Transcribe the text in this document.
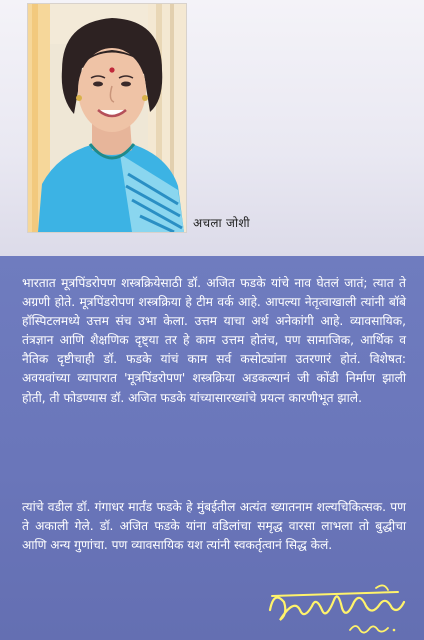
अचला जोशी

भारतात मूत्रपिंडरोपण शस्त्रक्रियेसाठी डॉ. अजित फडके यांचे नाव घेतलं जातं; त्यात ते अग्रणी होते. मूत्रपिंडरोपण शस्त्रक्रिया हे टीम वर्क आहे. आपल्या नेतृत्वाखाली त्यांनी बॉबे हॉस्पिटलमध्ये उत्तम संच उभा केला. उत्तम याचा अर्थ अनेकांगी आहे. व्यावसायिक, तंत्रज्ञान आणि शैक्षणिक दृष्ट्या तर हे काम उत्तम होतंच, पण सामाजिक, आर्थिक व नैतिक दृष्टीचाही डॉ. फडके यांचं काम सर्व कसोट्यांना उतरणारं होतं. विशेषत: अवयवांच्या व्यापारात 'मूत्रपिंडरोपण' शस्त्रक्रिया अडकल्यानं जी कोंडी निर्माण झाली होती, ती फोडण्यास डॉ. अजित फडके यांच्यासारख्यांचे प्रयत्न कारणीभूत झाले.

त्यांचे वडील डॉ. गंगाधर मार्तंड फडके हे मुंबईतील अत्यंत ख्यातनाम शल्यचिकित्सक. पण ते अकाली गेले. डॉ. अजित फडके यांना वडिलांचा समृद्ध वारसा लाभला तो बुद्धीचा आणि अन्य गुणांचा. पण व्यावसायिक यश त्यांनी स्वकर्तृत्वानं सिद्ध केलं.
